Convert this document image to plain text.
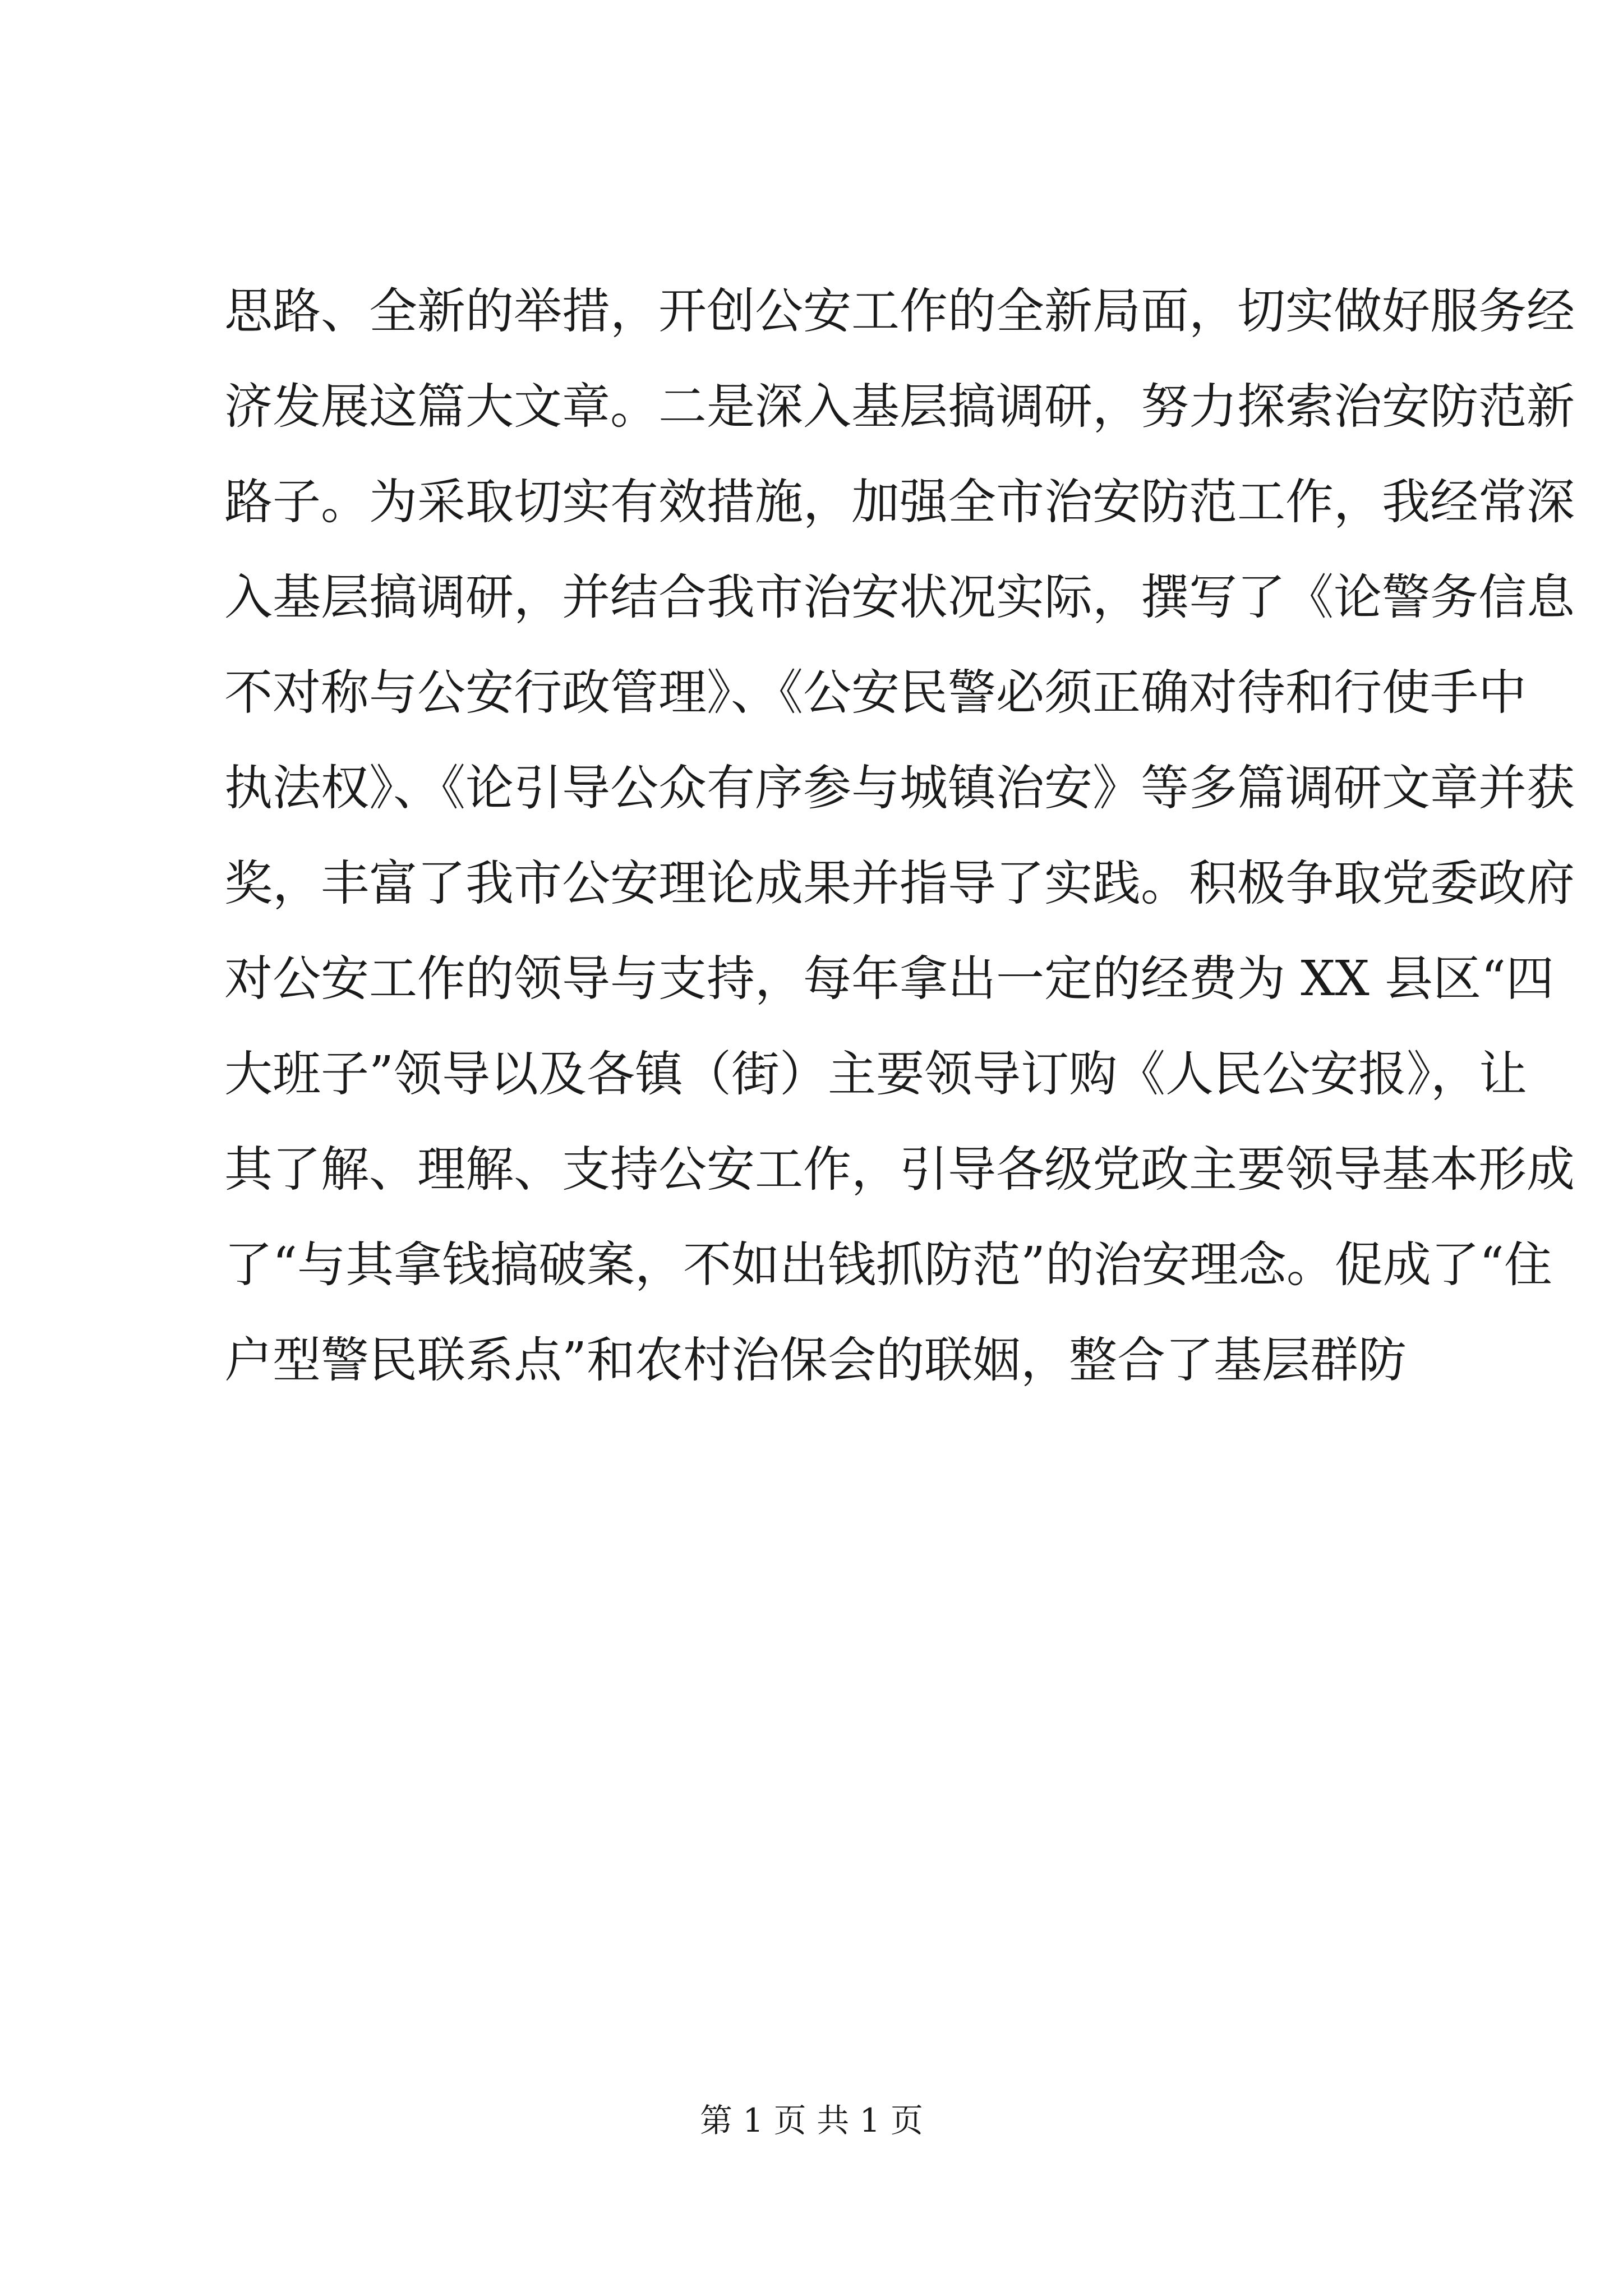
思路、全新的举措，开创公安工作的全新局面，切实做好服务经
济发展这篇大文章。二是深入基层搞调研，努力探索治安防范新
路子。为采取切实有效措施，加强全市治安防范工作，我经常深
入基层搞调研，并结合我市治安状况实际，撰写了《论警务信息
不对称与公安行政管理》、《公安民警必须正确对待和行使手中
执法权》、《论引导公众有序参与城镇治安》等多篇调研文章并获
奖，丰富了我市公安理论成果并指导了实践。积极争取党委政府
对公安工作的领导与支持，每年拿出一定的经费为 XX 县区“四
大班子”领导以及各镇（街）主要领导订购《人民公安报》，让
其了解、理解、支持公安工作，引导各级党政主要领导基本形成
了“与其拿钱搞破案，不如出钱抓防范”的治安理念。促成了“住
户型警民联系点”和农村治保会的联姻，整合了基层群防
第 1 页 共 1 页
